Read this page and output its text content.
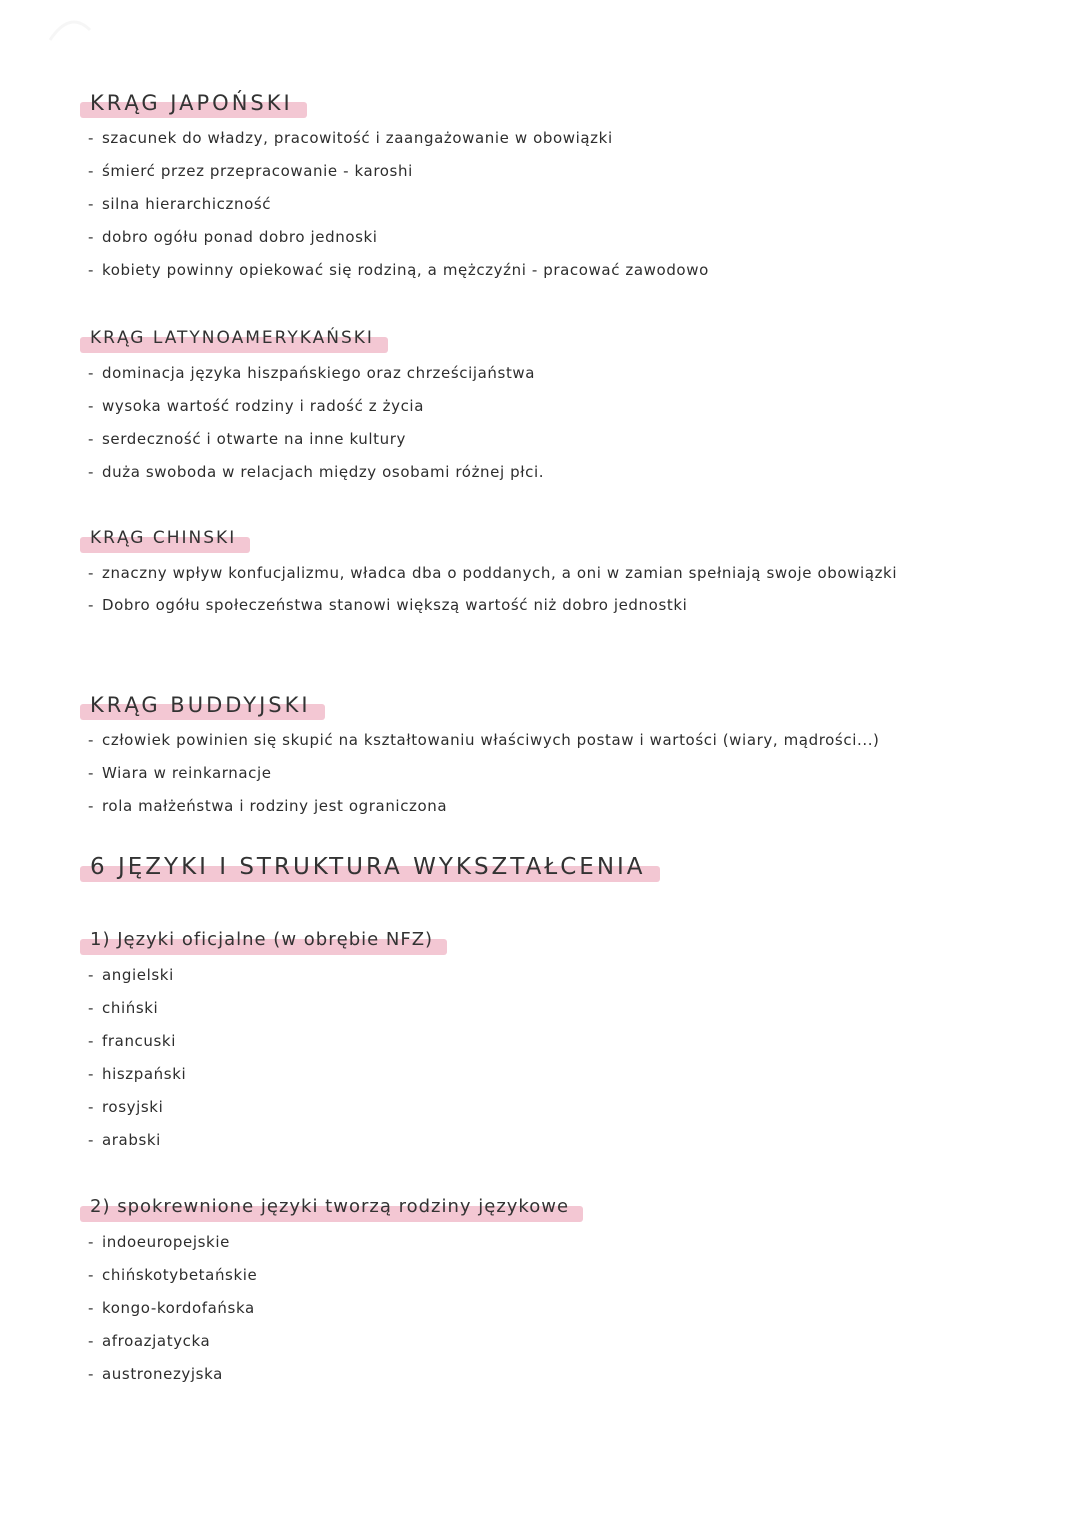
KRĄG JAPOŃSKI
- szacunek do władzy, pracowitość i zaangażowanie w obowiązki
- śmierć przez przepracowanie - karoshi
- silna hierarchiczność
- dobro ogółu ponad dobro jednoski
- kobiety powinny opiekować się rodziną, a mężczyźni - pracować zawodowo
KRĄG LATYNOAMERYKAŃSKI
- dominacja języka hiszpańskiego oraz chrześcijaństwa
- wysoka wartość rodziny i radość z życia
- serdeczność i otwarte na inne kultury
- duża swoboda w relacjach między osobami różnej płci.
KRĄG CHINSKI
- znaczny wpływ konfucjalizmu, władca dba o poddanych, a oni w zamian spełniają swoje obowiązki
- Dobro ogółu społeczeństwa stanowi większą wartość niż dobro jednostki
KRĄG BUDDYJSKI
- człowiek powinien się skupić na kształtowaniu właściwych postaw i wartości (wiary, mądrości...)
- Wiara w reinkarnacje
- rola małżeństwa i rodziny jest ograniczona
6 JĘZYKI I STRUKTURA WYKSZTAŁCENIA
1) Języki oficjalne (w obrębie NFZ)
- angielski
- chiński
- francuski
- hiszpański
- rosyjski
- arabski
2) spokrewnione języki tworzą rodziny językowe
- indoeuropejskie
- chińskotybetańskie
- kongo-kordofańska
- afroazjatycka
- austronezyjska
